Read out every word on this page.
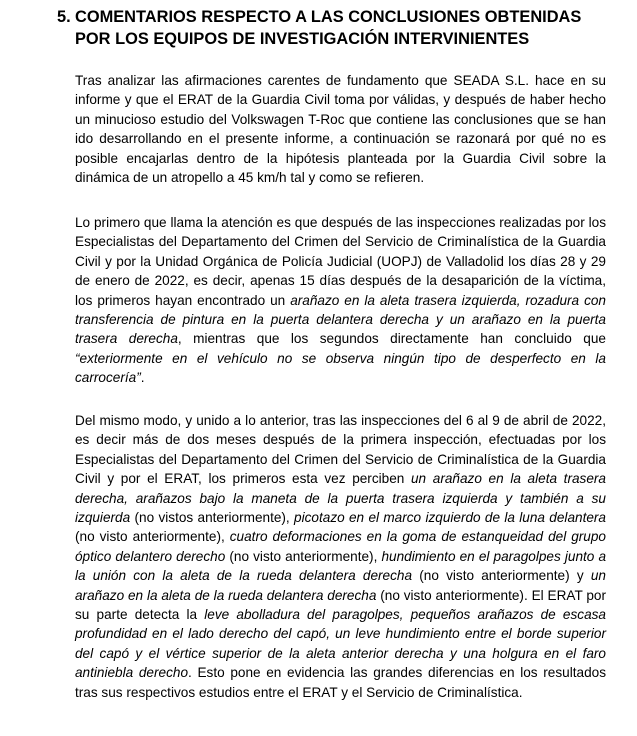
5. COMENTARIOS RESPECTO A LAS CONCLUSIONES OBTENIDAS
POR LOS EQUIPOS DE INVESTIGACIÓN INTERVINIENTES

Tras analizar las afirmaciones carentes de fundamento que SEADA S.L. hace en su informe y que el ERAT de la Guardia Civil toma por válidas, y después de haber hecho un minucioso estudio del Volkswagen T-Roc que contiene las conclusiones que se han ido desarrollando en el presente informe, a continuación se razonará por qué no es posible encajarlas dentro de la hipótesis planteada por la Guardia Civil sobre la dinámica de un atropello a 45 km/h tal y como se refieren.

Lo primero que llama la atención es que después de las inspecciones realizadas por los Especialistas del Departamento del Crimen del Servicio de Criminalística de la Guardia Civil y por la Unidad Orgánica de Policía Judicial (UOPJ) de Valladolid los días 28 y 29 de enero de 2022, es decir, apenas 15 días después de la desaparición de la víctima, los primeros hayan encontrado un arañazo en la aleta trasera izquierda, rozadura con transferencia de pintura en la puerta delantera derecha y un arañazo en la puerta trasera derecha, mientras que los segundos directamente han concluido que “exteriormente en el vehículo no se observa ningún tipo de desperfecto en la carrocería”.

Del mismo modo, y unido a lo anterior, tras las inspecciones del 6 al 9 de abril de 2022, es decir más de dos meses después de la primera inspección, efectuadas por los Especialistas del Departamento del Crimen del Servicio de Criminalística de la Guardia Civil y por el ERAT, los primeros esta vez perciben un arañazo en la aleta trasera derecha, arañazos bajo la maneta de la puerta trasera izquierda y también a su izquierda (no vistos anteriormente), picotazo en el marco izquierdo de la luna delantera (no visto anteriormente), cuatro deformaciones en la goma de estanqueidad del grupo óptico delantero derecho (no visto anteriormente), hundimiento en el paragolpes junto a la unión con la aleta de la rueda delantera derecha (no visto anteriormente) y un arañazo en la aleta de la rueda delantera derecha (no visto anteriormente). El ERAT por su parte detecta la leve abolladura del paragolpes, pequeños arañazos de escasa profundidad en el lado derecho del capó, un leve hundimiento entre el borde superior del capó y el vértice superior de la aleta anterior derecha y una holgura en el faro antiniebla derecho. Esto pone en evidencia las grandes diferencias en los resultados tras sus respectivos estudios entre el ERAT y el Servicio de Criminalística.
